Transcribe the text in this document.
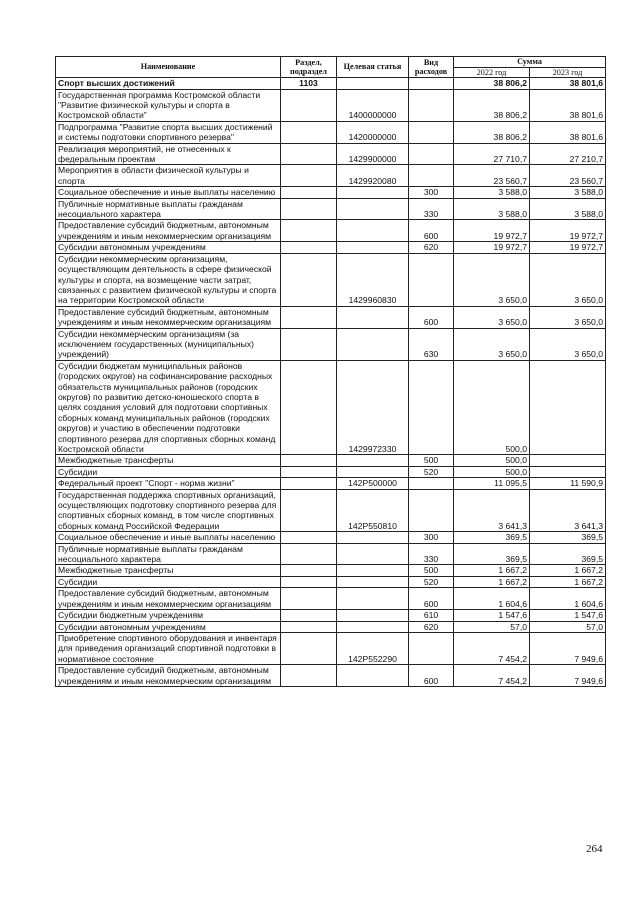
Наименование	Раздел, подраздел	Целевая статья	Вид расходов	Сумма	
				2022 год	2023 год
Спорт высших достижений	1103			38 806,2	38 801,6
Государственная программа Костромской области "Развитие физической культуры и спорта в Костромской области"		1400000000		38 806,2	38 801,6
Подпрограмма "Развитие спорта высших достижений и системы подготовки спортивного резерва"		1420000000		38 806,2	38 801,6
Реализация мероприятий, не отнесенных к федеральным проектам		1429900000		27 710,7	27 210,7
Мероприятия в области физической культуры и спорта		1429920080		23 560,7	23 560,7
Социальное обеспечение и иные выплаты населению			300	3 588,0	3 588,0
Публичные нормативные выплаты гражданам несоциального характера			330	3 588,0	3 588,0
Предоставление субсидий бюджетным, автономным учреждениям и иным некоммерческим организациям			600	19 972,7	19 972,7
Субсидии автономным учреждениям			620	19 972,7	19 972,7
Субсидии некоммерческим организациям, осуществляющим деятельность в сфере физической культуры и спорта, на возмещение части затрат, связанных с развитием физической культуры и спорта на территории Костромской области		1429960830		3 650,0	3 650,0
Предоставление субсидий бюджетным, автономным учреждениям и иным некоммерческим организациям			600	3 650,0	3 650,0
Субсидии некоммерческим организациям (за исключением государственных (муниципальных) учреждений)			630	3 650,0	3 650,0
Субсидии бюджетам муниципальных районов (городских округов) на софинансирование расходных обязательств муниципальных районов (городских округов) по развитию детско-юношеского спорта в целях создания условий для подготовки спортивных сборных команд муниципальных районов (городских округов) и участию в обеспечении подготовки спортивного резерва для спортивных сборных команд Костромской области		1429972330		500,0	
Межбюджетные трансферты			500	500,0	
Субсидии			520	500,0	
Федеральный проект "Спорт - норма жизни"		142P500000		11 095,5	11 590,9
Государственная поддержка спортивных организаций, осуществляющих подготовку спортивного резерва для спортивных сборных команд, в том числе спортивных сборных команд Российской Федерации		142P550810		3 641,3	3 641,3
Социальное обеспечение и иные выплаты населению			300	369,5	369,5
Публичные нормативные выплаты гражданам несоциального характера			330	369,5	369,5
Межбюджетные трансферты			500	1 667,2	1 667,2
Субсидии			520	1 667,2	1 667,2
Предоставление субсидий бюджетным, автономным учреждениям и иным некоммерческим организациям			600	1 604,6	1 604,6
Субсидии бюджетным учреждениям			610	1 547,6	1 547,6
Субсидии автономным учреждениям			620	57,0	57,0
Приобретение спортивного оборудования и инвентаря для приведения организаций спортивной подготовки в нормативное состояние		142P552290		7 454,2	7 949,6
Предоставление субсидий бюджетным, автономным учреждениям и иным некоммерческим организациям			600	7 454,2	7 949,6
264
